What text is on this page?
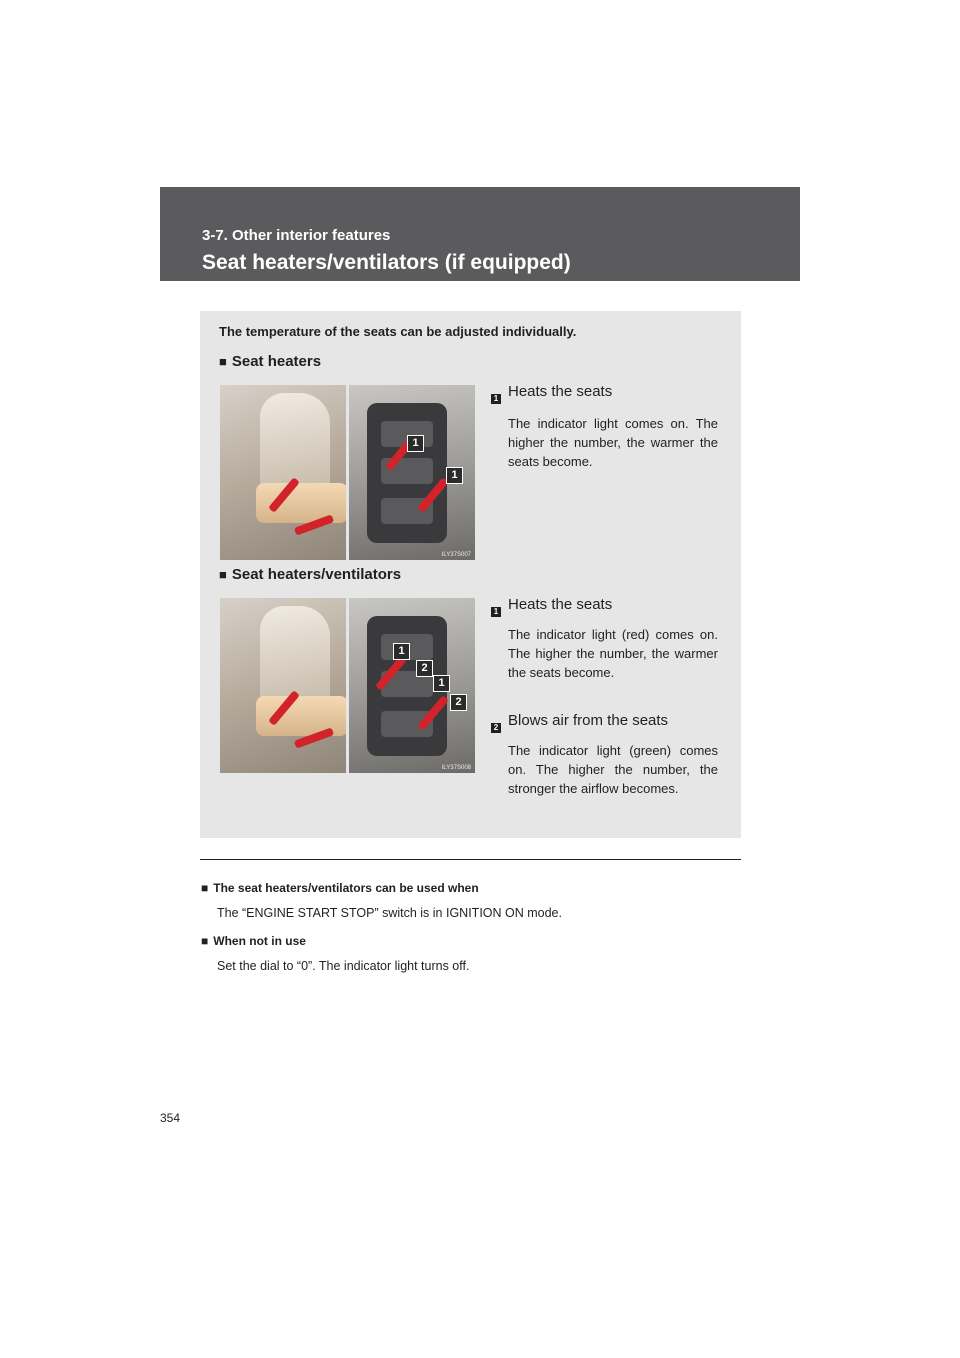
3-7. Other interior features
Seat heaters/ventilators (if equipped)
The temperature of the seats can be adjusted individually.
■ Seat heaters
1
1
ILY37S007
1 Heats the seats
The indicator light comes on. The higher the number, the warmer the seats become.
■ Seat heaters/ventilators
1
2
1
2
ILY37S008
1 Heats the seats
The indicator light (red) comes on. The higher the number, the warmer the seats become.
2 Blows air from the seats
The indicator light (green) comes on. The higher the number, the stronger the airflow becomes.
■ The seat heaters/ventilators can be used when
The “ENGINE START STOP” switch is in IGNITION ON mode.
■ When not in use
Set the dial to “0”. The indicator light turns off.
354
